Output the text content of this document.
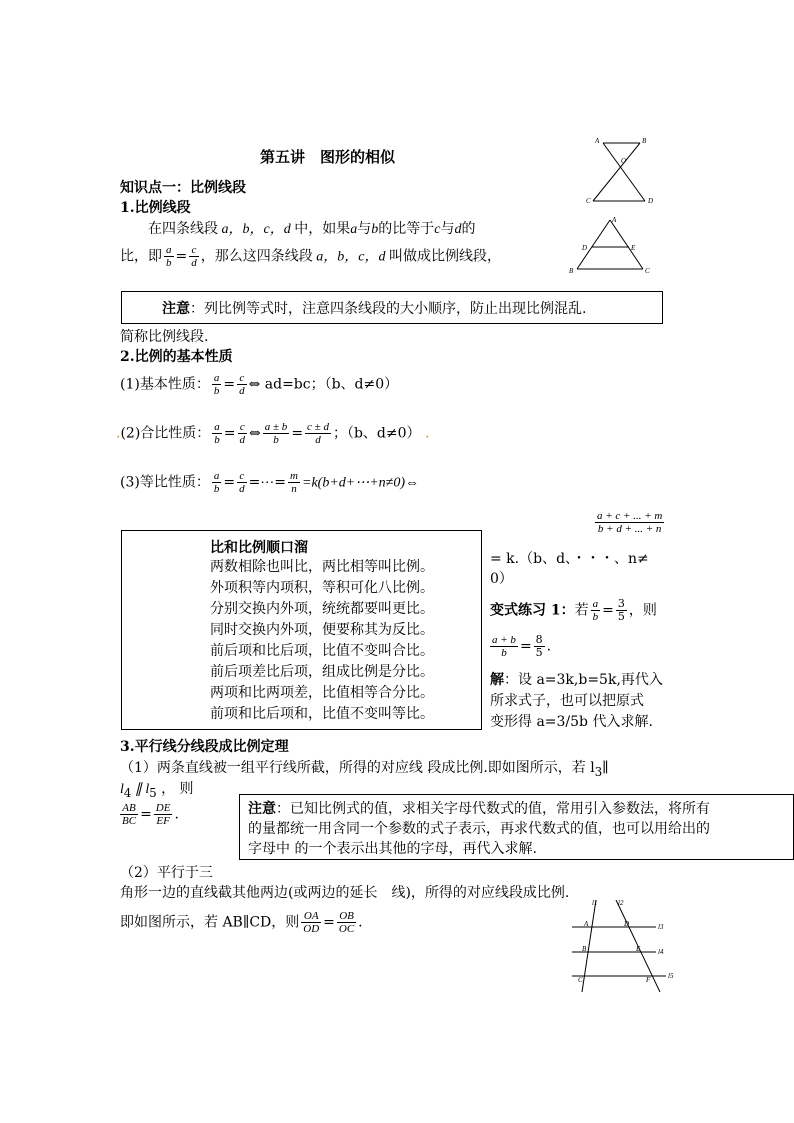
第五讲　图形的相似
A	B
O
C	D
A
D	E
B	C
知识点一：比例线段
1.比例线段
在四条线段 a，b，c，d 中，如果a与b的比等于c与d的
比，即 $\frac{a}{b} = \frac{c}{d}$ ，那么这四条线段 a，b，c，d 叫做成比例线段，
注意：列比例等式时，注意四条线段的大小顺序，防止出现比例混乱.
简称比例线段.
2.比例的基本性质
(1)基本性质： $\frac{a}{b} = \frac{c}{d}$ ⇔ ad=bc；（b、d≠0）
.(2)合比性质： $\frac{a}{b} = \frac{c}{d}$ ⇔ $\frac{a \pm b}{b} = \frac{c \pm d}{d}$ ；（b、d≠0） .
(3)等比性质： $\frac{a}{b} = \frac{c}{d}$ =⋯= $\frac{m}{n}$ =k(b+d+⋯+n≠0)⇔
a + c + ... + m
b + d + ... + n
= k.（b、d、・・・、n≠
0）
比和比例顺口溜
两数相除也叫比，两比相等叫比例。
外项积等内项积，等积可化八比例。
分别交换内外项，统统都要叫更比。
同时交换内外项，便要称其为反比。
前后项和比后项，比值不变叫合比。
前后项差比后项，组成比例是分比。
两项和比两项差，比值相等合分比。
前项和比后项和，比值不变叫等比。
变式练习 1：若 $\frac{a}{b} = \frac{3}{5}$ ，则
$\frac{a + b}{b} = \frac{8}{5}$ .
解：设 a=3k,b=5k,再代入
所求式子，也可以把原式
变形得 a=3/5b 代入求解.
3.平行线分线段成比例定理
（1）两条直线被一组平行线所截，所得的对应线 段成比例.即如图所示，若 $l_3\parallel$
$l_4$ ∥ $l_5$ ， 则
$\frac{AB}{BC} = \frac{DE}{EF}$ .	注意：已知比例式的值，求相关字母代数式的值，常用引入参数法，将所有
的量都统一用含同一个参数的式子表示，再求代数式的值，也可以用给出的
字母中 的一个表示出其他的字母，再代入求解.
（2）平行于三
角形一边的直线截其他两边(或两边的延长　线)，所得的对应线段成比例.
即如图所示，若 AB∥CD，则 $\frac{OA}{OD} = \frac{OB}{OC}$ .
l1	l2
l3
l4
l5
A	D
B	E
C	F
